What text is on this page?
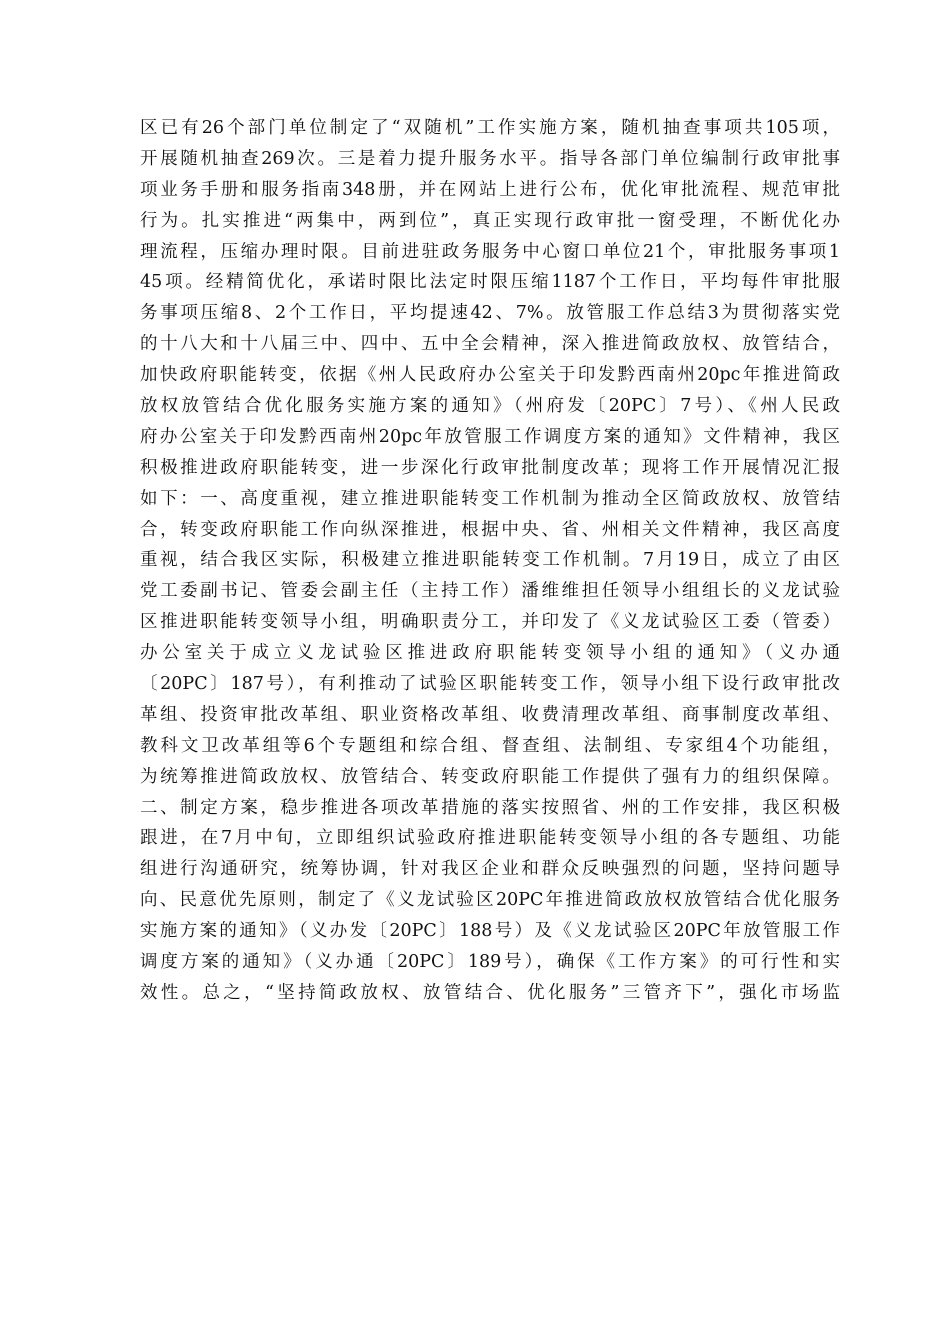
区已有26个部门单位制定了“双随机”工作实施方案，随机抽查事项共105项，
开展随机抽查269次。三是着力提升服务水平。指导各部门单位编制行政审批事
项业务手册和服务指南348册，并在网站上进行公布，优化审批流程、规范审批
行为。扎实推进“两集中，两到位”，真正实现行政审批一窗受理，不断优化办
理流程，压缩办理时限。目前进驻政务服务中心窗口单位21个，审批服务事项1
45项。经精简优化，承诺时限比法定时限压缩1187个工作日，平均每件审批服
务事项压缩8、2个工作日，平均提速42、7%。放管服工作总结3为贯彻落实党
的十八大和十八届三中、四中、五中全会精神，深入推进简政放权、放管结合，
加快政府职能转变，依据《州人民政府办公室关于印发黔西南州20pc年推进简政
放权放管结合优化服务实施方案的通知》（州府发〔20PC〕7号）、《州人民政
府办公室关于印发黔西南州20pc年放管服工作调度方案的通知》文件精神，我区
积极推进政府职能转变，进一步深化行政审批制度改革；现将工作开展情况汇报
如下：一、高度重视，建立推进职能转变工作机制为推动全区简政放权、放管结
合，转变政府职能工作向纵深推进，根据中央、省、州相关文件精神，我区高度
重视，结合我区实际，积极建立推进职能转变工作机制。7月19日，成立了由区
党工委副书记、管委会副主任（主持工作）潘维维担任领导小组组长的义龙试验
区推进职能转变领导小组，明确职责分工，并印发了《义龙试验区工委（管委）
办公室关于成立义龙试验区推进政府职能转变领导小组的通知》（义办通
〔20PC〕187号），有利推动了试验区职能转变工作，领导小组下设行政审批改
革组、投资审批改革组、职业资格改革组、收费清理改革组、商事制度改革组、
教科文卫改革组等6个专题组和综合组、督查组、法制组、专家组4个功能组，
为统筹推进简政放权、放管结合、转变政府职能工作提供了强有力的组织保障。
二、制定方案，稳步推进各项改革措施的落实按照省、州的工作安排，我区积极
跟进，在7月中旬，立即组织试验政府推进职能转变领导小组的各专题组、功能
组进行沟通研究，统筹协调，针对我区企业和群众反映强烈的问题，坚持问题导
向、民意优先原则，制定了《义龙试验区20PC年推进简政放权放管结合优化服务
实施方案的通知》（义办发〔20PC〕188号）及《义龙试验区20PC年放管服工作
调度方案的通知》（义办通〔20PC〕189号），确保《工作方案》的可行性和实
效性。总之，“坚持简政放权、放管结合、优化服务”三管齐下”，强化市场监
